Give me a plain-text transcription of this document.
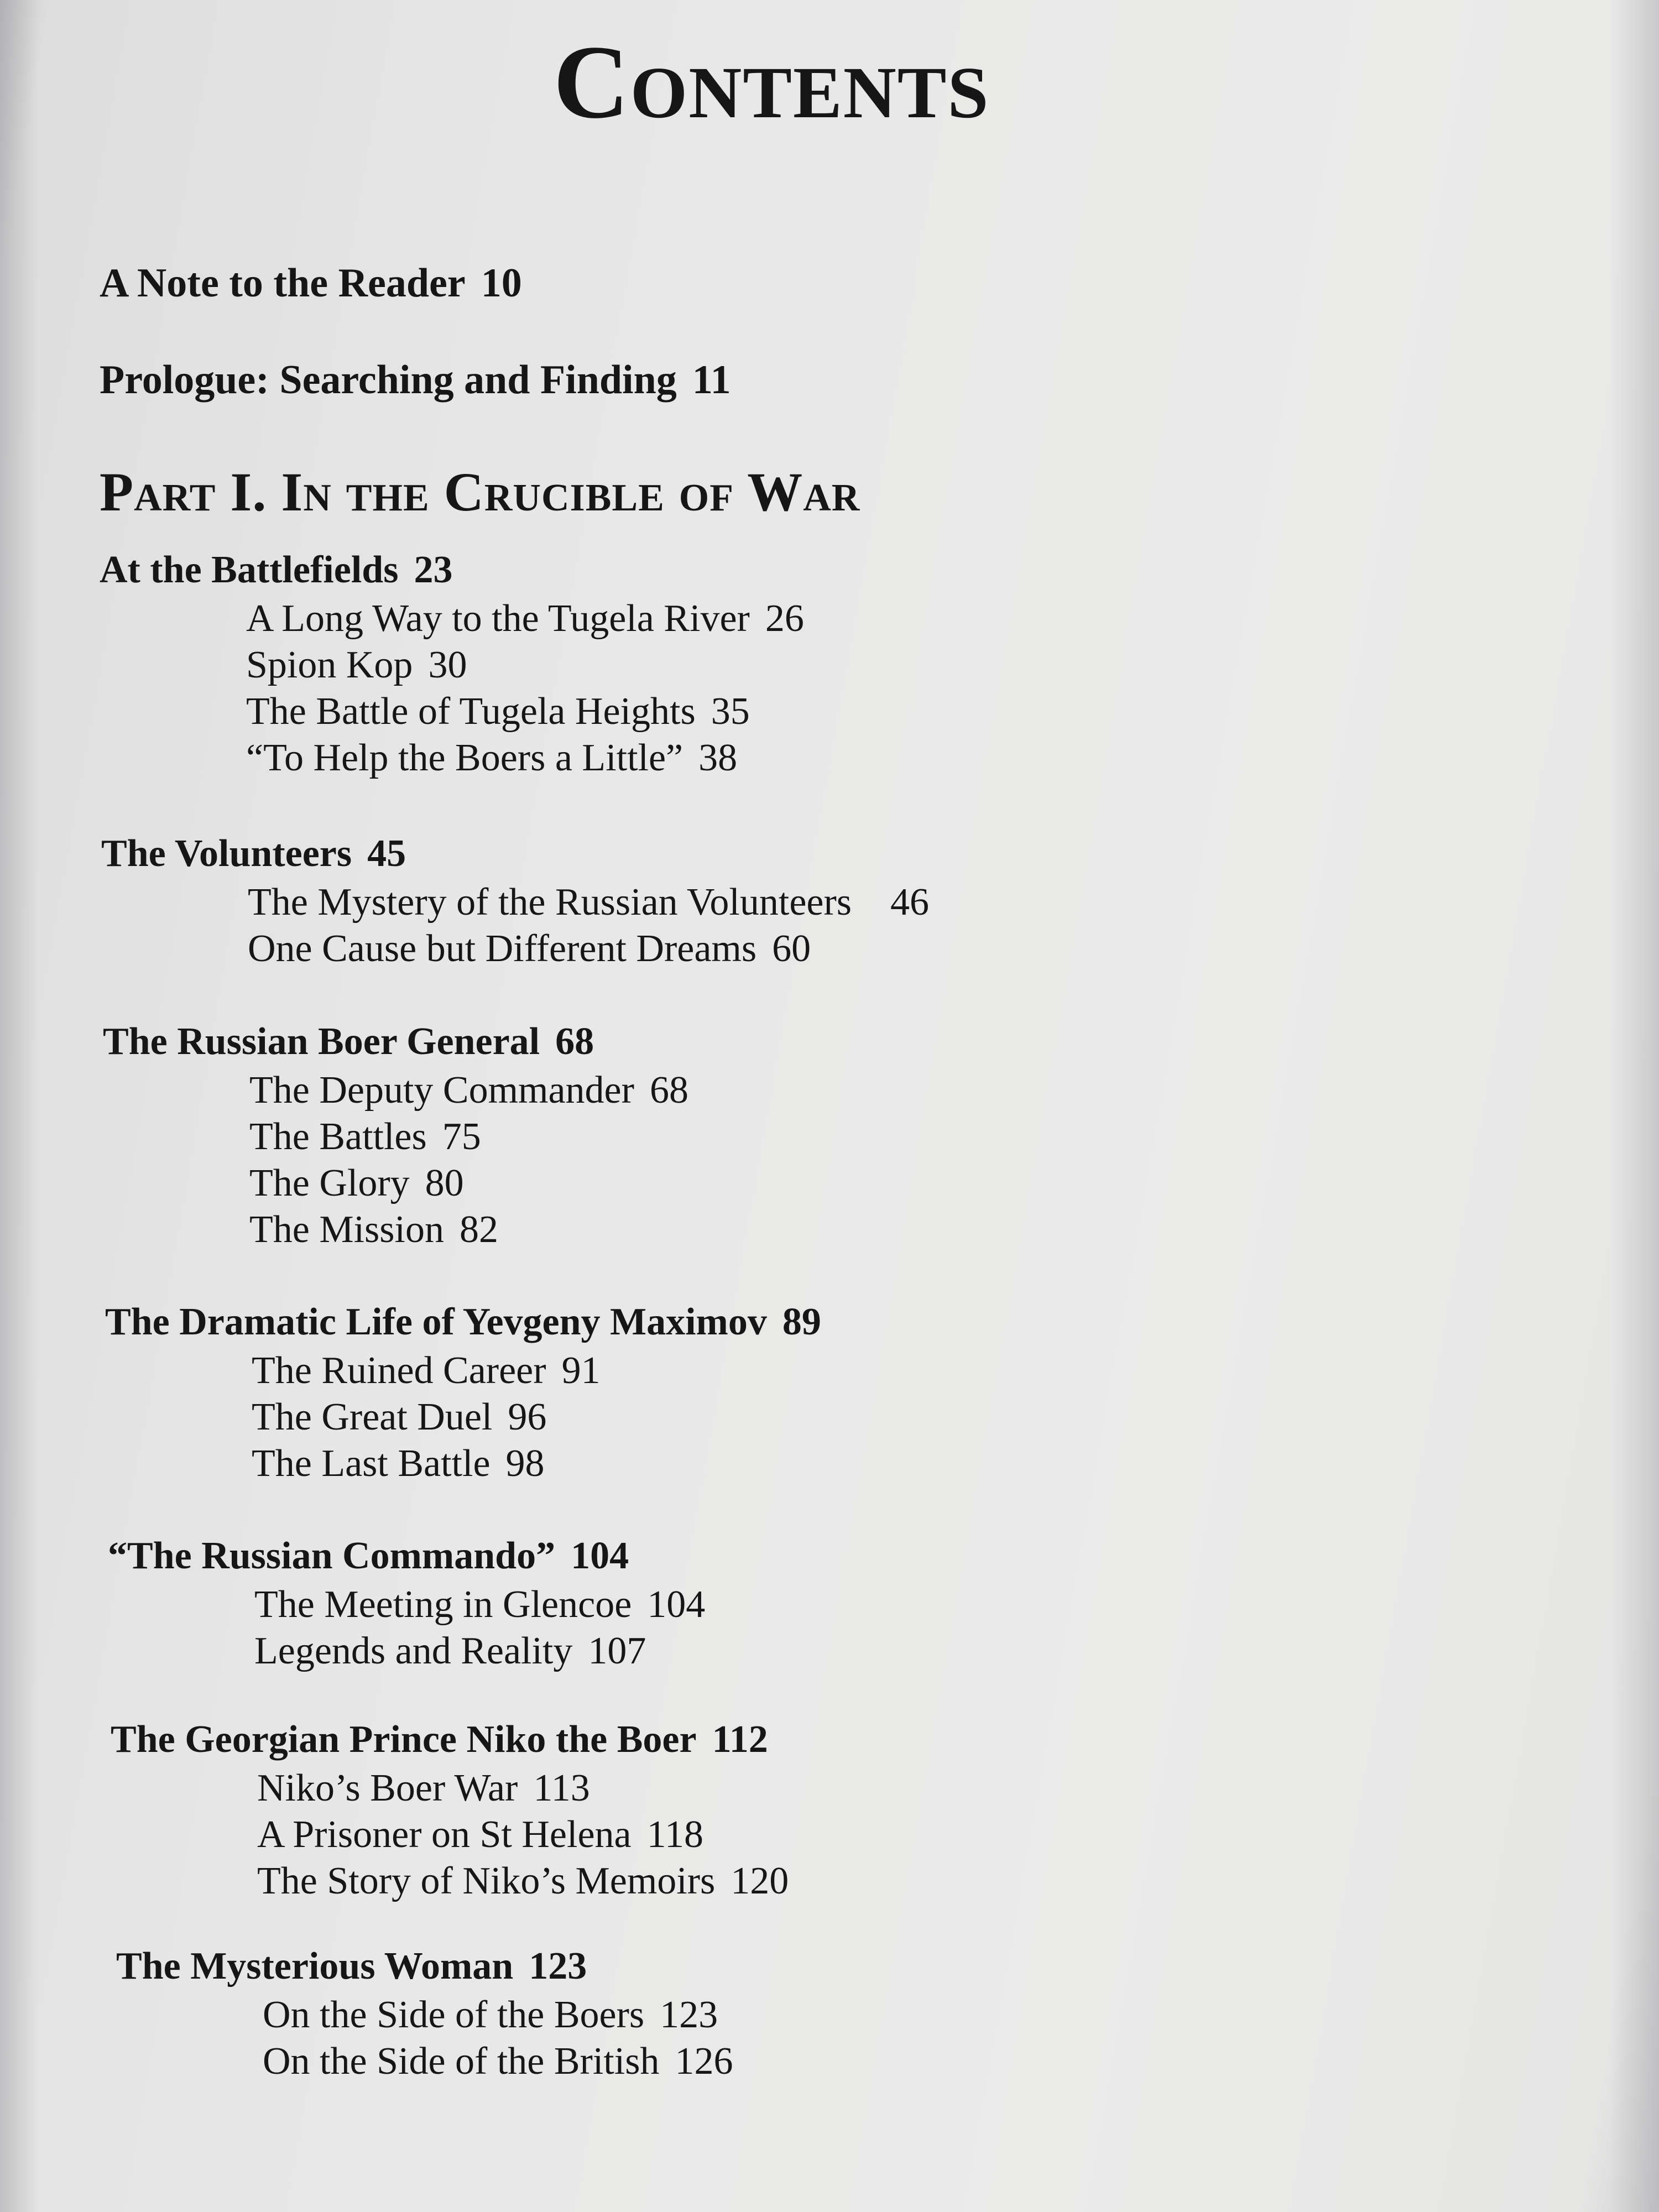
Contents
A Note to the Reader 10
Prologue: Searching and Finding 11
Part I. In the Crucible of War
At the Battlefields 23
A Long Way to the Tugela River 26
Spion Kop 30
The Battle of Tugela Heights 35
“To Help the Boers a Little” 38
The Volunteers 45
The Mystery of the Russian Volunteers 46
One Cause but Different Dreams 60
The Russian Boer General 68
The Deputy Commander 68
The Battles 75
The Glory 80
The Mission 82
The Dramatic Life of Yevgeny Maximov 89
The Ruined Career 91
The Great Duel 96
The Last Battle 98
“The Russian Commando” 104
The Meeting in Glencoe 104
Legends and Reality 107
The Georgian Prince Niko the Boer 112
Niko’s Boer War 113
A Prisoner on St Helena 118
The Story of Niko’s Memoirs 120
The Mysterious Woman 123
On the Side of the Boers 123
On the Side of the British 126
